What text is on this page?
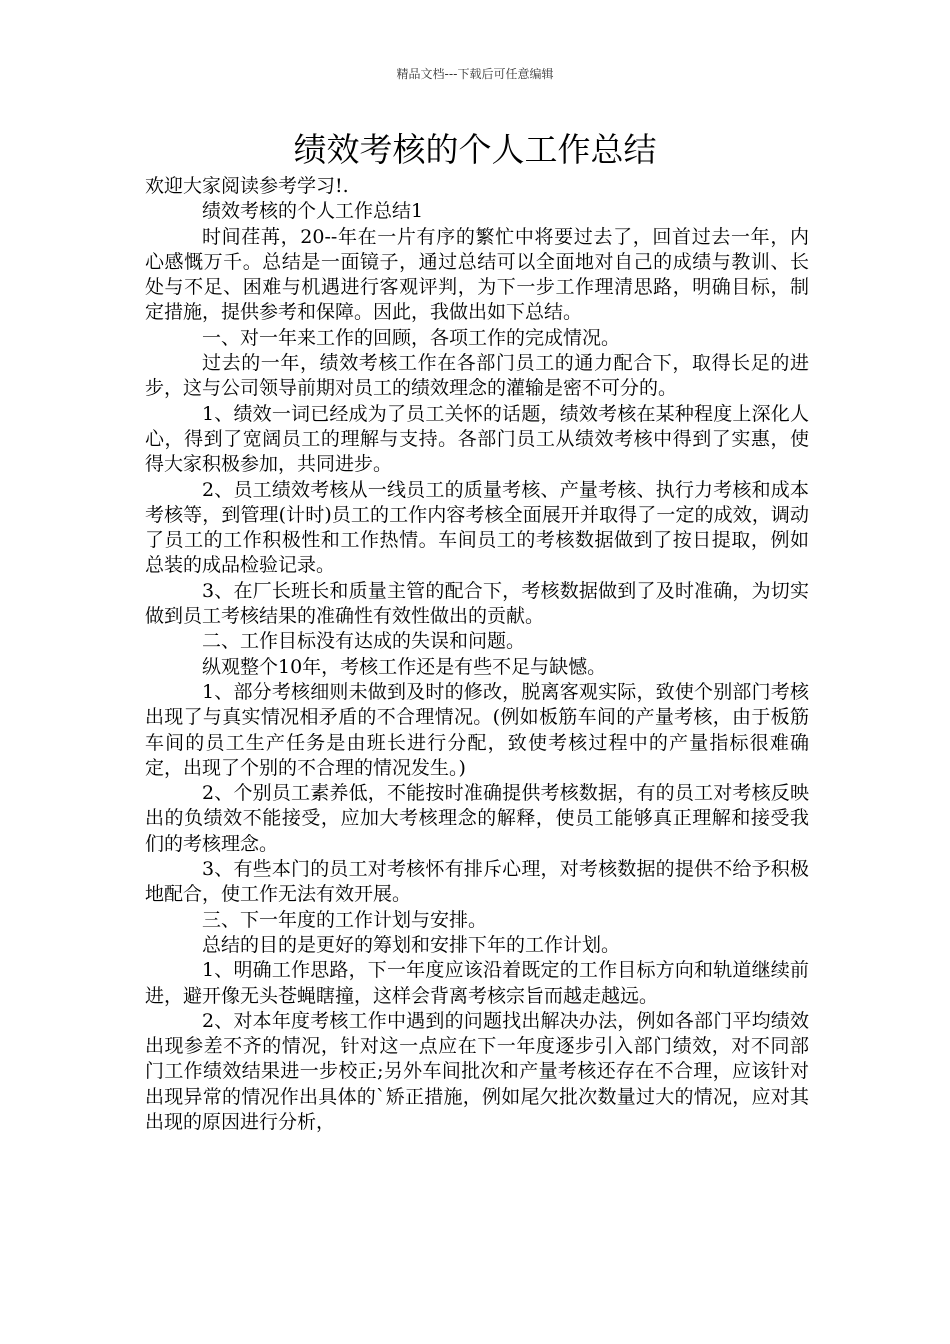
精品文档---下载后可任意编辑
绩效考核的个人工作总结

欢迎大家阅读参考学习!.

绩效考核的个人工作总结1

时间荏苒，20--年在一片有序的繁忙中将要过去了，回首过去一年，内心感慨万千。总结是一面镜子，通过总结可以全面地对自己的成绩与教训、长处与不足、困难与机遇进行客观评判，为下一步工作理清思路，明确目标，制定措施，提供参考和保障。因此，我做出如下总结。

一、对一年来工作的回顾，各项工作的完成情况。

过去的一年，绩效考核工作在各部门员工的通力配合下，取得长足的进步，这与公司领导前期对员工的绩效理念的灌输是密不可分的。

1、绩效一词已经成为了员工关怀的话题，绩效考核在某种程度上深化人心，得到了宽阔员工的理解与支持。各部门员工从绩效考核中得到了实惠，使得大家积极参加，共同进步。

2、员工绩效考核从一线员工的质量考核、产量考核、执行力考核和成本考核等，到管理(计时)员工的工作内容考核全面展开并取得了一定的成效，调动了员工的工作积极性和工作热情。车间员工的考核数据做到了按日提取，例如总装的成品检验记录。

3、在厂长班长和质量主管的配合下，考核数据做到了及时准确，为切实做到员工考核结果的准确性有效性做出的贡献。

二、工作目标没有达成的失误和问题。

纵观整个10年，考核工作还是有些不足与缺憾。

1、部分考核细则未做到及时的修改，脱离客观实际，致使个别部门考核出现了与真实情况相矛盾的不合理情况。(例如板筋车间的产量考核，由于板筋车间的员工生产任务是由班长进行分配，致使考核过程中的产量指标很难确定，出现了个别的不合理的情况发生。)

2、个别员工素养低，不能按时准确提供考核数据，有的员工对考核反映出的负绩效不能接受，应加大考核理念的解释，使员工能够真正理解和接受我们的考核理念。

3、有些本门的员工对考核怀有排斥心理，对考核数据的提供不给予积极地配合，使工作无法有效开展。

三、下一年度的工作计划与安排。

总结的目的是更好的筹划和安排下年的工作计划。

1、明确工作思路，下一年度应该沿着既定的工作目标方向和轨道继续前进，避开像无头苍蝇瞎撞，这样会背离考核宗旨而越走越远。

2、对本年度考核工作中遇到的问题找出解决办法，例如各部门平均绩效出现参差不齐的情况，针对这一点应在下一年度逐步引入部门绩效，对不同部门工作绩效结果进一步校正;另外车间批次和产量考核还存在不合理，应该针对出现异常的情况作出具体的`矫正措施，例如尾欠批次数量过大的情况，应对其出现的原因进行分析，
